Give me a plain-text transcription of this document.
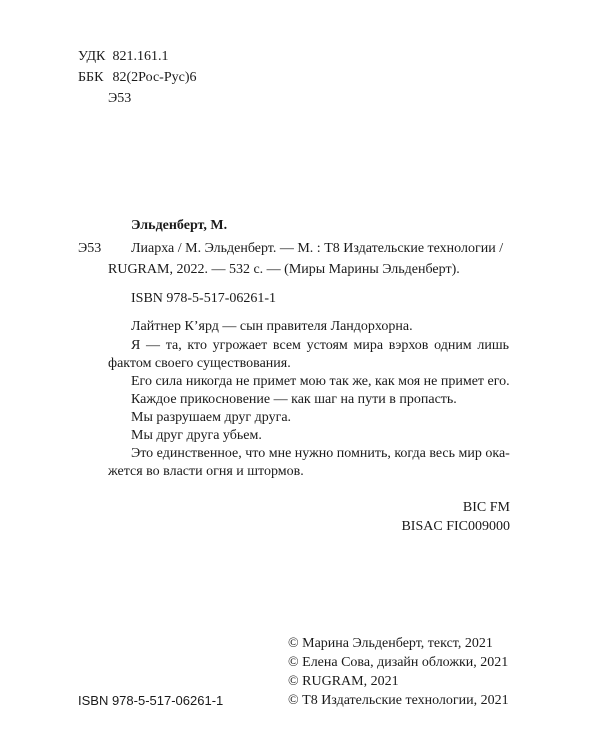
УДК 821.161.1
ББК 82(2Рос-Рус)6
Э53
Эльденберт, М.
Э53 Лиарха / М. Эльденберт. — М. : Т8 Издательские технологии /
RUGRAM, 2022. — 532 с. — (Миры Марины Эльденберт).
ISBN 978-5-517-06261-1
Лайтнер К’ярд — сын правителя Ландорхорна.
Я — та, кто угрожает всем устоям мира вэрхов одним лишь
фактом своего существования.
Его сила никогда не примет мою так же, как моя не примет его.
Каждое прикосновение — как шаг на пути в пропасть.
Мы разрушаем друг друга.
Мы друг друга убьем.
Это единственное, что мне нужно помнить, когда весь мир ока-
жется во власти огня и штормов.
BIC FM
BISAC FIC009000
© Марина Эльденберт, текст, 2021
© Елена Сова, дизайн обложки, 2021
© RUGRAM, 2021
© Т8 Издательские технологии, 2021
ISBN 978-5-517-06261-1
